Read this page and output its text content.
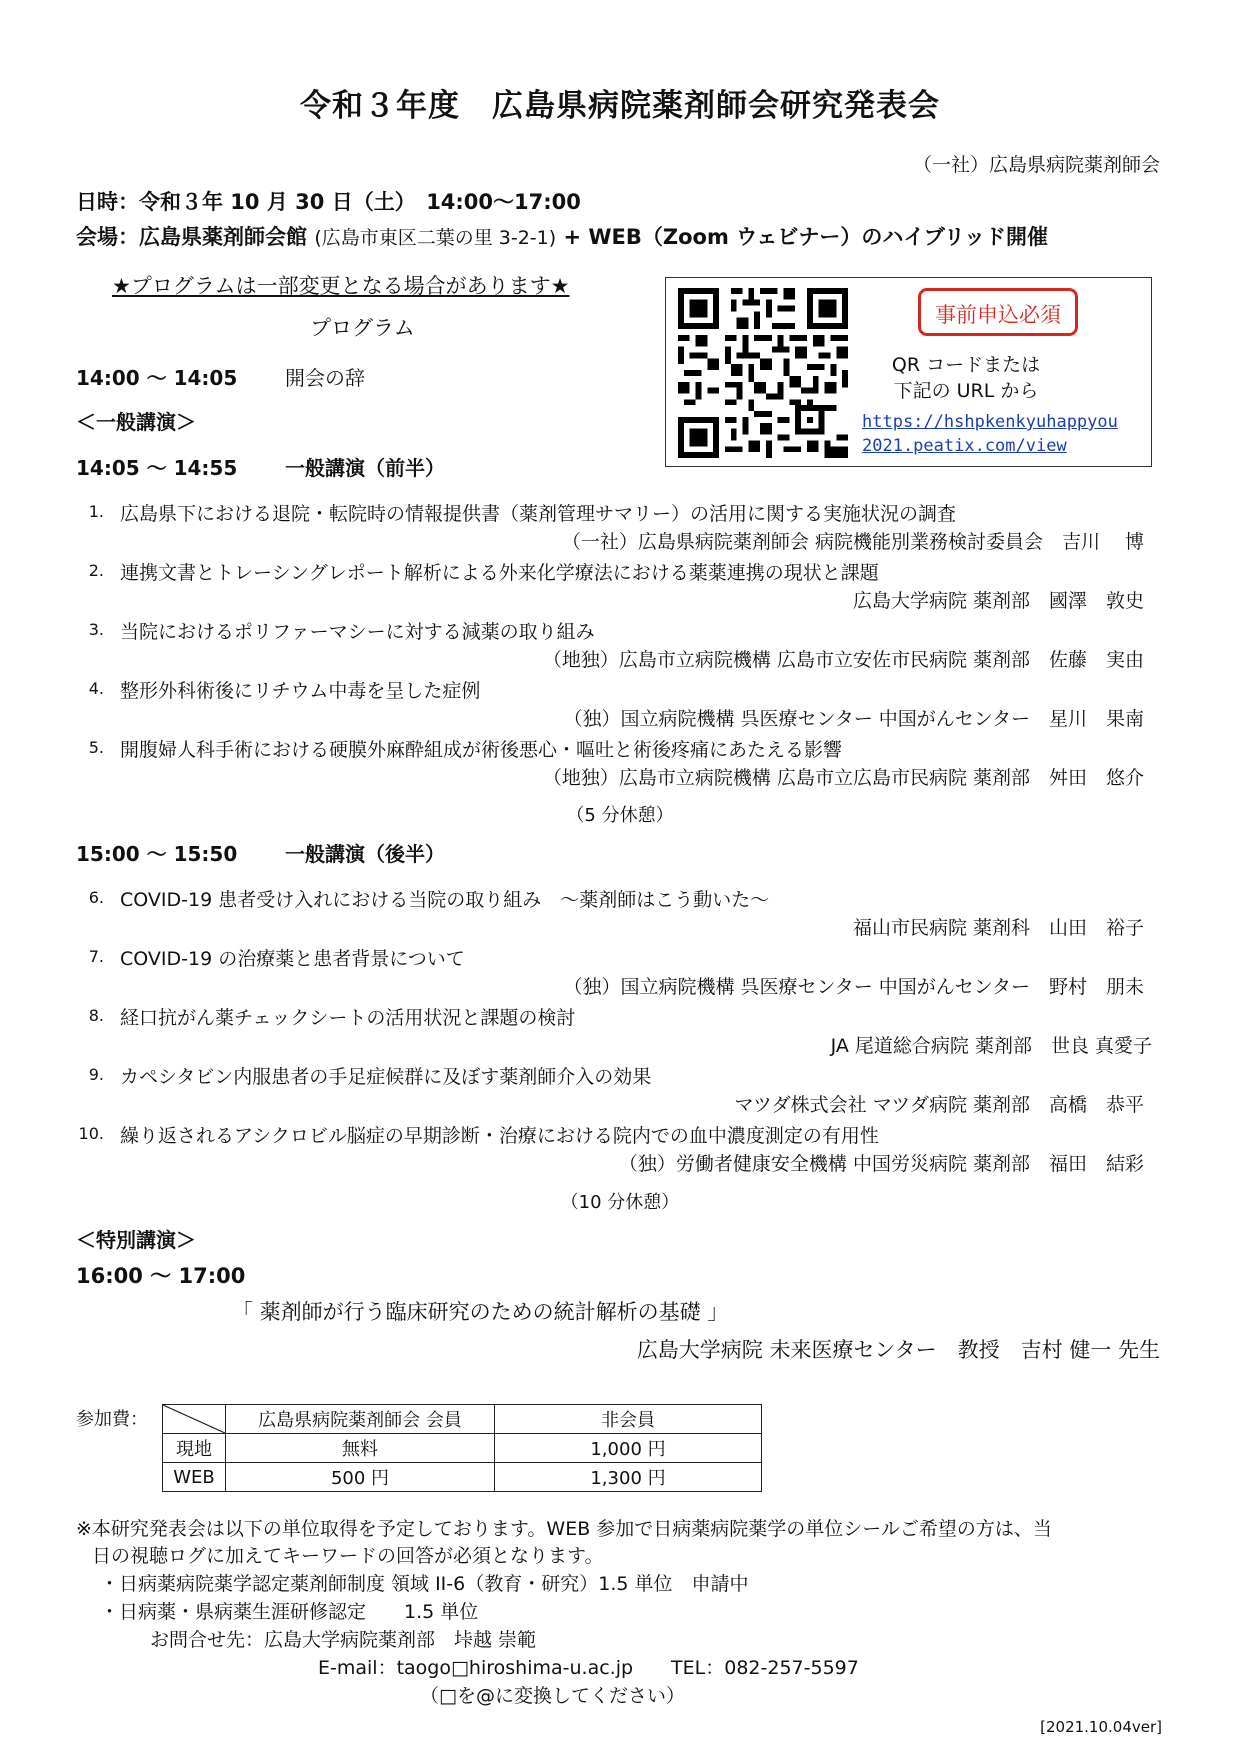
令和３年度　広島県病院薬剤師会研究発表会
（一社）広島県病院薬剤師会
日時：令和３年 10 月 30 日（土）　14:00〜17:00
会場：広島県薬剤師会館 (広島市東区二葉の里 3-2-1) + WEB（Zoom ウェビナー）のハイブリッド開催
★プログラムは一部変更となる場合があります★
プログラム
事前申込必須
QR コードまたは
下記の URL から
https://hshpkenkyuhappyou
2021.peatix.com/view
14:00 〜 14:05 開会の辞
＜一般講演＞
14:05 〜 14:55 一般講演（前半）
1. 広島県下における退院・転院時の情報提供書（薬剤管理サマリー）の活用に関する実施状況の調査
（一社）広島県病院薬剤師会 病院機能別業務検討委員会　吉川　 博
2. 連携文書とトレーシングレポート解析による外来化学療法における薬薬連携の現状と課題
広島大学病院 薬剤部　國澤　敦史
3. 当院におけるポリファーマシーに対する減薬の取り組み
（地独）広島市立病院機構 広島市立安佐市民病院 薬剤部　佐藤　実由
4. 整形外科術後にリチウム中毒を呈した症例
（独）国立病院機構 呉医療センター 中国がんセンター　星川　果南
5. 開腹婦人科手術における硬膜外麻酔組成が術後悪心・嘔吐と術後疼痛にあたえる影響
（地独）広島市立病院機構 広島市立広島市民病院 薬剤部　舛田　悠介
（5 分休憩）
15:00 〜 15:50 一般講演（後半）
6. COVID-19 患者受け入れにおける当院の取り組み　〜薬剤師はこう動いた〜
福山市民病院 薬剤科　山田　裕子
7. COVID-19 の治療薬と患者背景について
（独）国立病院機構 呉医療センター 中国がんセンター　野村　朋未
8. 経口抗がん薬チェックシートの活用状況と課題の検討
JA 尾道総合病院 薬剤部　世良 真愛子
9. カペシタビン内服患者の手足症候群に及ぼす薬剤師介入の効果
マツダ株式会社 マツダ病院 薬剤部　高橋　恭平
10. 繰り返されるアシクロビル脳症の早期診断・治療における院内での血中濃度測定の有用性
（独）労働者健康安全機構 中国労災病院 薬剤部　福田　結彩
（10 分休憩）
＜特別講演＞
16:00 〜 17:00
「 薬剤師が行う臨床研究のための統計解析の基礎 」
広島大学病院 未来医療センター　教授　吉村 健一 先生
参加費：
		広島県病院薬剤師会 会員	非会員
現地	無料	1,000 円
WEB	500 円	1,300 円
※本研究発表会は以下の単位取得を予定しております。WEB 参加で日病薬病院薬学の単位シールご希望の方は、当
日の視聴ログに加えてキーワードの回答が必須となります。
・日病薬病院薬学認定薬剤師制度 領域 II-6（教育・研究）1.5 単位　申請中
・日病薬・県病薬生涯研修認定　　1.5 単位
お問合せ先：広島大学病院薬剤部　垰越 崇範
E-mail：taogo□hiroshima-u.ac.jp　　TEL：082-257-5597
（□を@に変換してください）
[2021.10.04ver]
